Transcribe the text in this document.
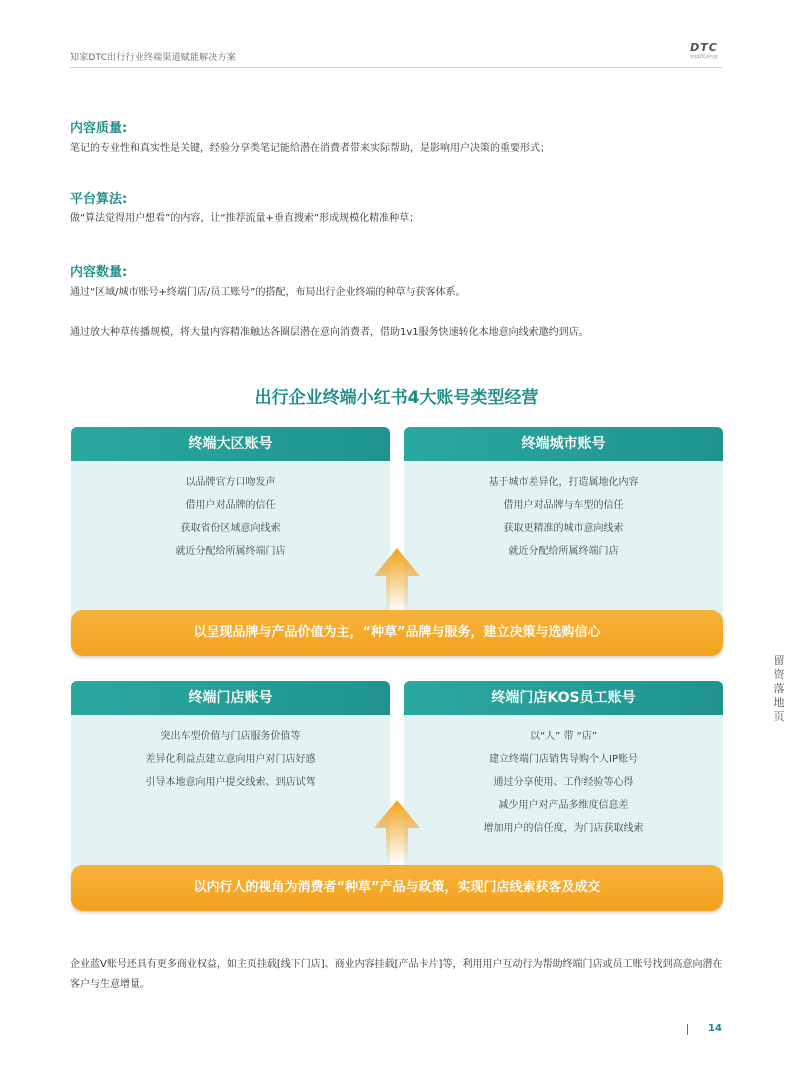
知家DTC出行行业终端渠道赋能解决方案
DTC
知家DTC研究院
内容质量:
笔记的专业性和真实性是关键，经验分享类笔记能给潜在消费者带来实际帮助，是影响用户决策的重要形式；
平台算法:
做“算法觉得用户想看”的内容，让“推荐流量+垂直搜索”形成规模化精准种草；
内容数量:
通过“区域/城市账号+终端门店/员工账号”的搭配，布局出行企业终端的种草与获客体系。
通过放大种草传播规模，将大量内容精准触达各圈层潜在意向消费者，借助1v1服务快速转化本地意向线索邀约到店。
出行企业终端小红书4大账号类型经营
终端大区账号
以品牌官方口吻发声
借用户对品牌的信任
获取省份区域意向线索
就近分配给所属终端门店
终端城市账号
基于城市差异化，打造属地化内容
借用户对品牌与车型的信任
获取更精准的城市意向线索
就近分配给所属终端门店
以呈现品牌与产品价值为主，“种草”品牌与服务，建立决策与选购信心
终端门店账号
突出车型价值与门店服务价值等
差异化利益点建立意向用户对门店好感
引导本地意向用户提交线索、到店试驾
终端门店KOS员工账号
以“人” 带 “店”
建立终端门店销售导购个人IP账号
通过分享使用、工作经验等心得
减少用户对产品多维度信息差
增加用户的信任度，为门店获取线索
以内行人的视角为消费者“种草”产品与政策，实现门店线索获客及成交
企业蓝V账号还具有更多商业权益，如主页挂载[线下门店]、商业内容挂载[产品卡片]等，利用用户互动行为帮助终端门店或员工账号找到高意向潜在客户与生意增量。
留资落地页
14
